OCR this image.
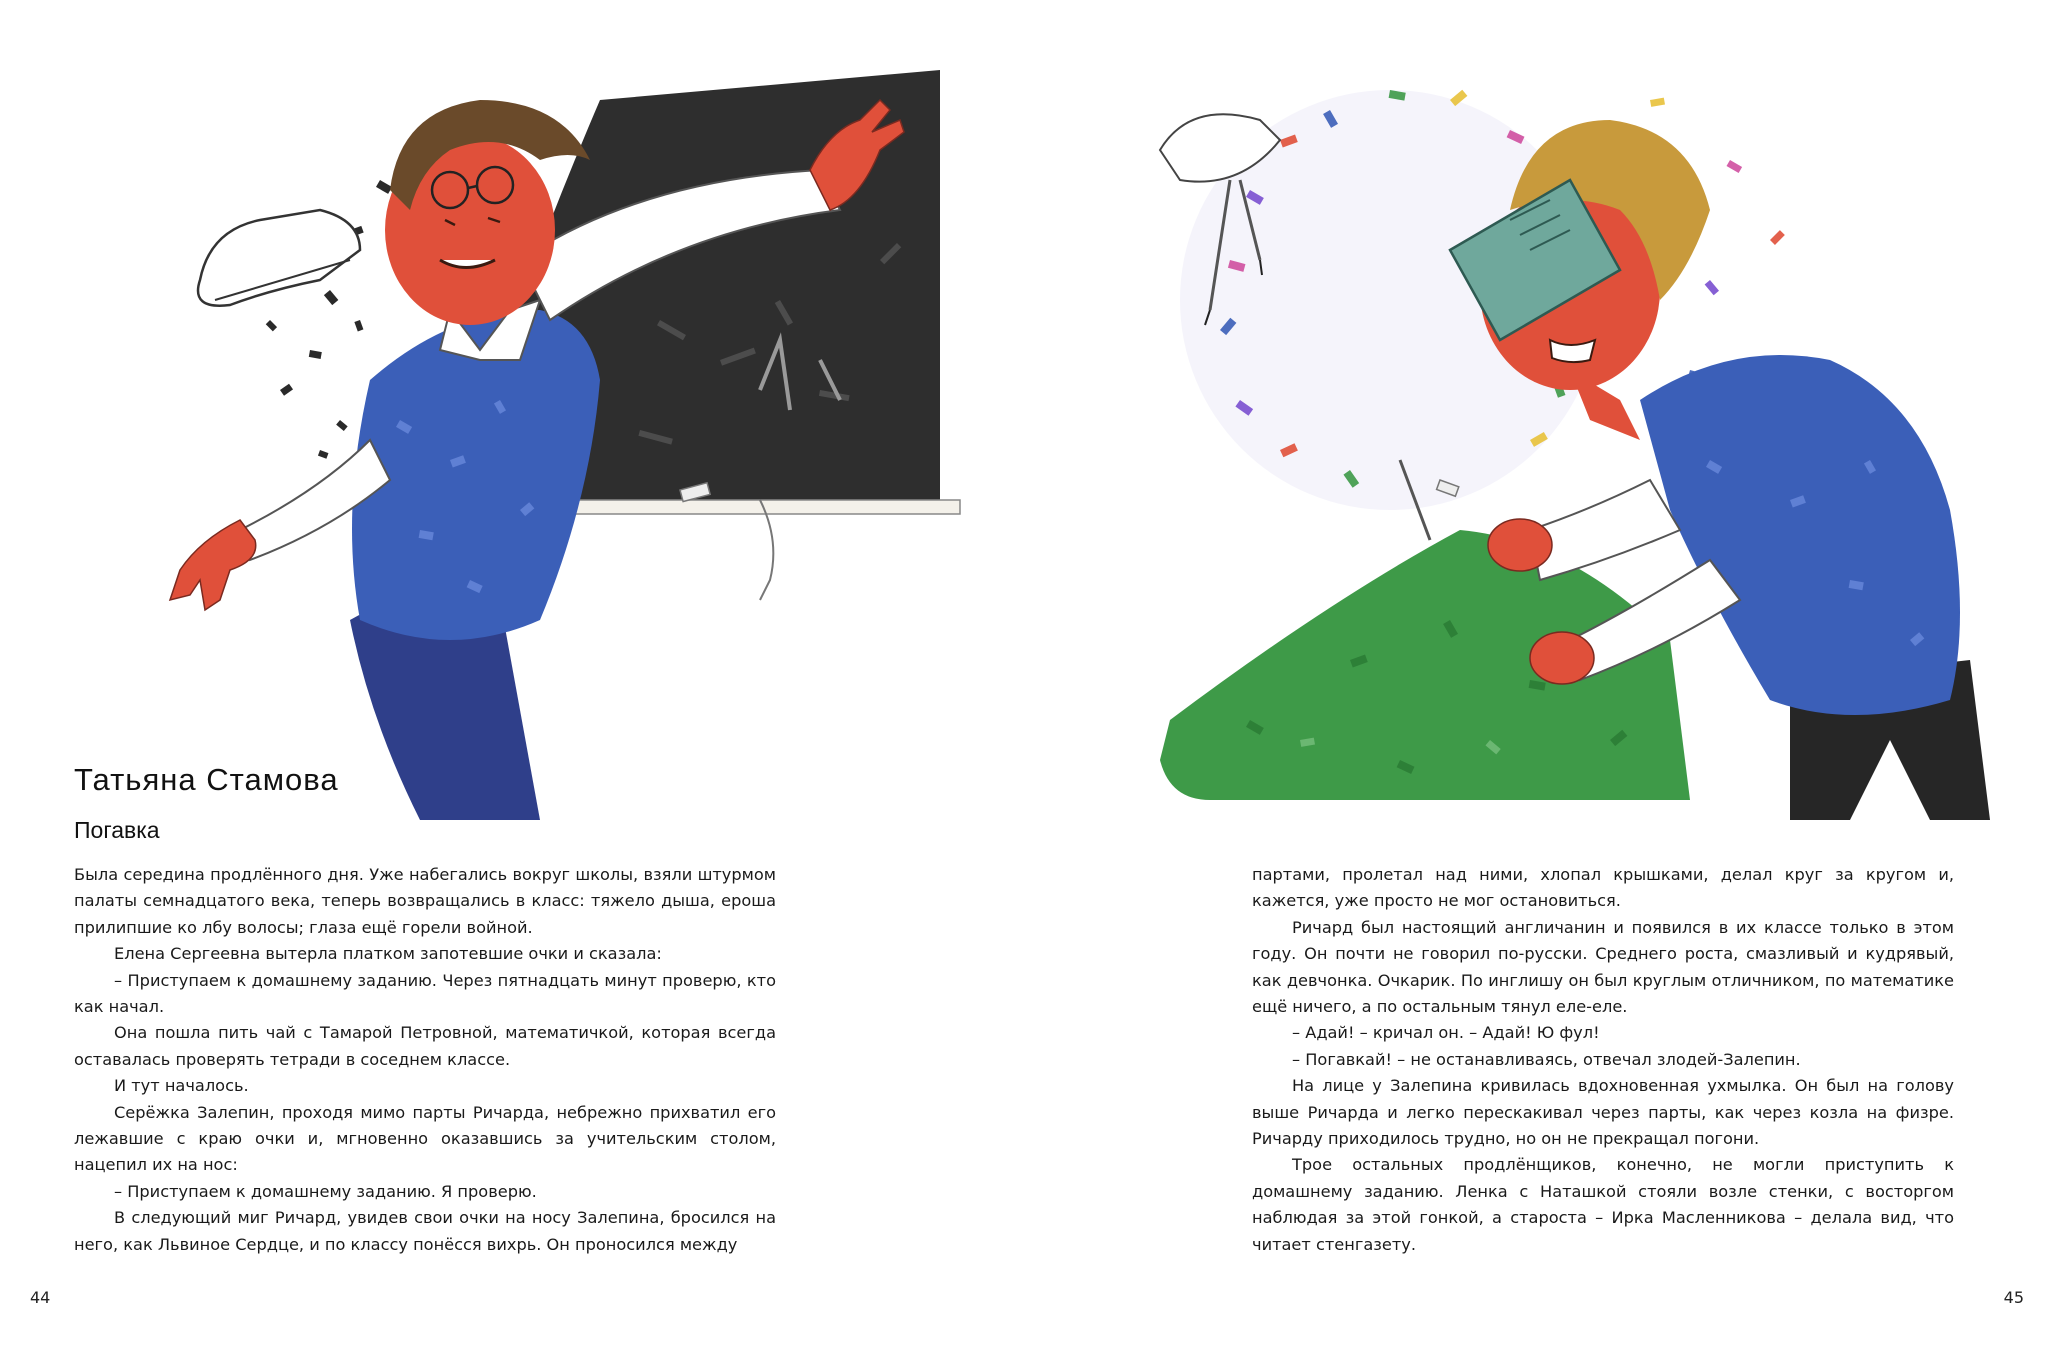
Татьяна Стамова
Погавка

Была середина продлённого дня. Уже набегались вокруг школы, взяли штурмом палаты семнадцатого века, теперь возвращались в класс: тяжело дыша, ероша прилипшие ко лбу волосы; глаза ещё горели войной.

Елена Сергеевна вытерла платком запотевшие очки и сказала:

– Приступаем к домашнему заданию. Через пятнадцать минут проверю, кто как начал.

Она пошла пить чай с Тамарой Петровной, математичкой, которая всегда оставалась проверять тетради в соседнем классе.

И тут началось.

Серёжка Залепин, проходя мимо парты Ричарда, небрежно прихватил его лежавшие с краю очки и, мгновенно оказавшись за учительским столом, нацепил их на нос:

– Приступаем к домашнему заданию. Я проверю.

В следующий миг Ричард, увидев свои очки на носу Залепина, бросился на него, как Львиное Сердце, и по классу понёсся вихрь. Он проносился между

партами, пролетал над ними, хлопал крышками, делал круг за кругом и, кажется, уже просто не мог остановиться.

Ричард был настоящий англичанин и появился в их классе только в этом году. Он почти не говорил по-русски. Среднего роста, смазливый и кудрявый, как девчонка. Очкарик. По инглишу он был круглым отличником, по математике ещё ничего, а по остальным тянул еле-еле.

– Адай! – кричал он. – Адай! Ю фул!

– Погавкай! – не останавливаясь, отвечал злодей-Залепин.

На лице у Залепина кривилась вдохновенная ухмылка. Он был на голову выше Ричарда и легко перескакивал через парты, как через козла на физре. Ричарду приходилось трудно, но он не прекращал погони.

Трое остальных продлёнщиков, конечно, не могли приступить к домашнему заданию. Ленка с Наташкой стояли возле стенки, с восторгом наблюдая за этой гонкой, а староста – Ирка Масленникова – делала вид, что читает стенгазету.

44	45
